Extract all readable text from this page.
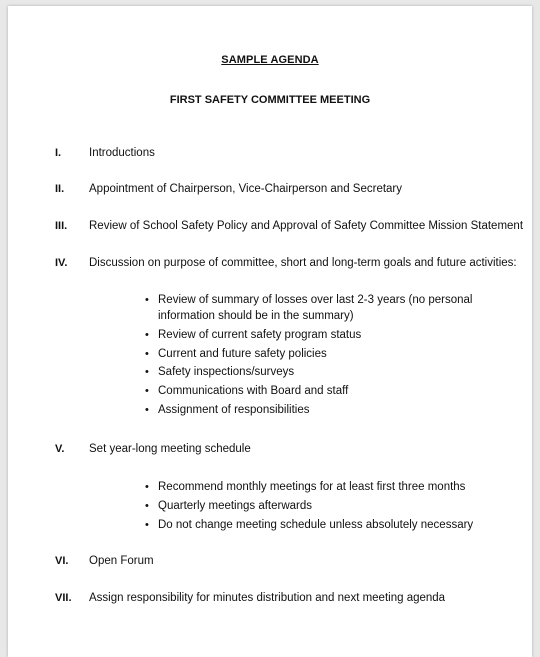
SAMPLE AGENDA
FIRST SAFETY COMMITTEE MEETING
I. Introductions
II. Appointment of Chairperson, Vice-Chairperson and Secretary
III. Review of School Safety Policy and Approval of Safety Committee Mission Statement
IV. Discussion on purpose of committee, short and long-term goals and future activities:
• Review of summary of losses over last 2-3 years (no personal information should be in the summary)
• Review of current safety program status
• Current and future safety policies
• Safety inspections/surveys
• Communications with Board and staff
• Assignment of responsibilities
V. Set year-long meeting schedule
• Recommend monthly meetings for at least first three months
• Quarterly meetings afterwards
• Do not change meeting schedule unless absolutely necessary
VI. Open Forum
VII. Assign responsibility for minutes distribution and next meeting agenda
